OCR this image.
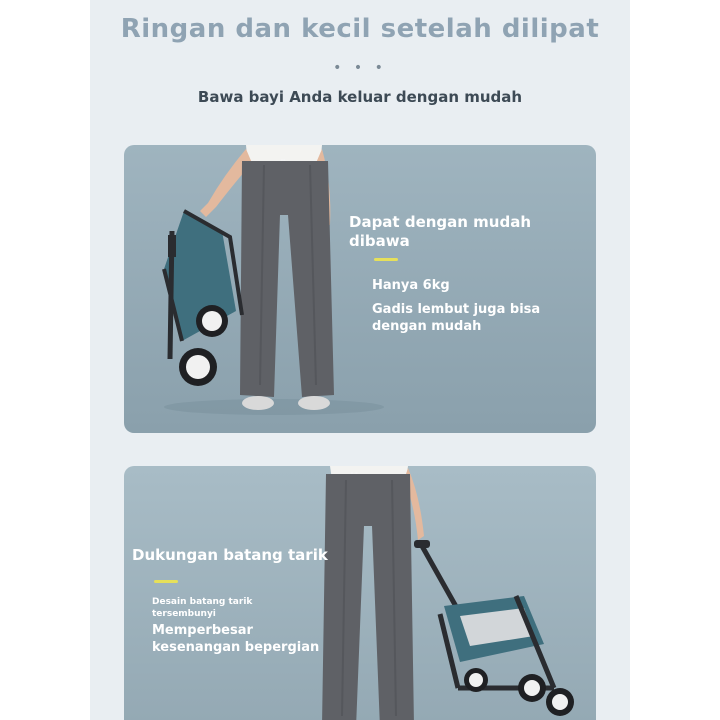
Ringan dan kecil setelah dilipat
• • •
Bawa bayi Anda keluar dengan mudah
Dapat dengan mudah dibawa
Hanya 6kg
Gadis lembut juga bisa dengan mudah
Dukungan batang tarik
Desain batang tarik tersembunyi
Memperbesar kesenangan bepergian
